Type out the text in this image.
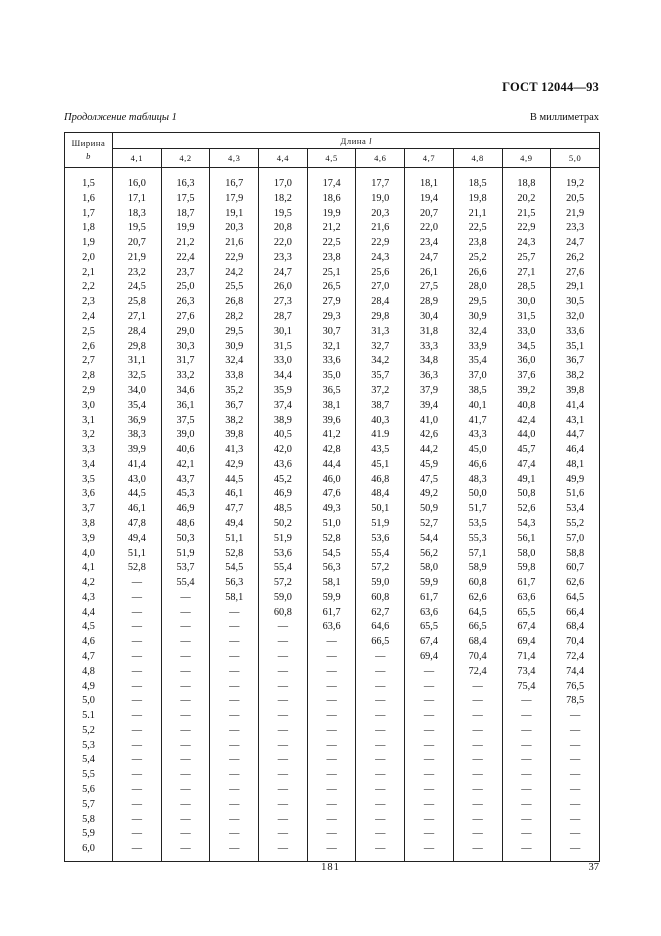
ГОСТ 12044—93
Продолжение таблицы 1	В миллиметрах
Ширина
b	Длина l									
	4,1	4,2	4,3	4,4	4,5	4,6	4,7	4,8	4,9	5,0
1,5	16,0	16,3	16,7	17,0	17,4	17,7	18,1	18,5	18,8	19,2
1,6	17,1	17,5	17,9	18,2	18,6	19,0	19,4	19,8	20,2	20,5
1,7	18,3	18,7	19,1	19,5	19,9	20,3	20,7	21,1	21,5	21,9
1,8	19,5	19,9	20,3	20,8	21,2	21,6	22,0	22,5	22,9	23,3
1,9	20,7	21,2	21,6	22,0	22,5	22,9	23,4	23,8	24,3	24,7
2,0	21,9	22,4	22,9	23,3	23,8	24,3	24,7	25,2	25,7	26,2
2,1	23,2	23,7	24,2	24,7	25,1	25,6	26,1	26,6	27,1	27,6
2,2	24,5	25,0	25,5	26,0	26,5	27,0	27,5	28,0	28,5	29,1
2,3	25,8	26,3	26,8	27,3	27,9	28,4	28,9	29,5	30,0	30,5
2,4	27,1	27,6	28,2	28,7	29,3	29,8	30,4	30,9	31,5	32,0
2,5	28,4	29,0	29,5	30,1	30,7	31,3	31,8	32,4	33,0	33,6
2,6	29,8	30,3	30,9	31,5	32,1	32,7	33,3	33,9	34,5	35,1
2,7	31,1	31,7	32,4	33,0	33,6	34,2	34,8	35,4	36,0	36,7
2,8	32,5	33,2	33,8	34,4	35,0	35,7	36,3	37,0	37,6	38,2
2,9	34,0	34,6	35,2	35,9	36,5	37,2	37,9	38,5	39,2	39,8
3,0	35,4	36,1	36,7	37,4	38,1	38,7	39,4	40,1	40,8	41,4
3,1	36,9	37,5	38,2	38,9	39,6	40,3	41,0	41,7	42,4	43,1
3,2	38,3	39,0	39,8	40,5	41,2	41.9	42,6	43,3	44,0	44,7
3,3	39,9	40,6	41,3	42,0	42,8	43,5	44,2	45,0	45,7	46,4
3,4	41,4	42,1	42,9	43,6	44,4	45,1	45,9	46,6	47,4	48,1
3,5	43,0	43,7	44,5	45,2	46,0	46,8	47,5	48,3	49,1	49,9
3,6	44,5	45,3	46,1	46,9	47,6	48,4	49,2	50,0	50,8	51,6
3,7	46,1	46,9	47,7	48,5	49,3	50,1	50,9	51,7	52,6	53,4
3,8	47,8	48,6	49,4	50,2	51,0	51,9	52,7	53,5	54,3	55,2
3,9	49,4	50,3	51,1	51,9	52,8	53,6	54,4	55,3	56,1	57,0
4,0	51,1	51,9	52,8	53,6	54,5	55,4	56,2	57,1	58,0	58,8
4,1	52,8	53,7	54,5	55,4	56,3	57,2	58,0	58,9	59,8	60,7
4,2	—	55,4	56,3	57,2	58,1	59,0	59,9	60,8	61,7	62,6
4,3	—	—	58,1	59,0	59,9	60,8	61,7	62,6	63,6	64,5
4,4	—	—	—	60,8	61,7	62,7	63,6	64,5	65,5	66,4
4,5	—	—	—	—	63,6	64,6	65,5	66,5	67,4	68,4
4,6	—	—	—	—	—	66,5	67,4	68,4	69,4	70,4
4,7	—	—	—	—	—	—	69,4	70,4	71,4	72,4
4,8	—	—	—	—	—	—	—	72,4	73,4	74,4
4,9	—	—	—	—	—	—	—	—	75,4	76,5
5,0	—	—	—	—	—	—	—	—	—	78,5
5.1	—	—	—	—	—	—	—	—	—	—
5,2	—	—	—	—	—	—	—	—	—	—
5,3	—	—	—	—	—	—	—	—	—	—
5,4	—	—	—	—	—	—	—	—	—	—
5,5	—	—	—	—	—	—	—	—	—	—
5,6	—	—	—	—	—	—	—	—	—	—
5,7	—	—	—	—	—	—	—	—	—	—
5,8	—	—	—	—	—	—	—	—	—	—
5,9	—	—	—	—	—	—	—	—	—	—
6,0	—	—	—	—	—	—	—	—	—	—
181	37
